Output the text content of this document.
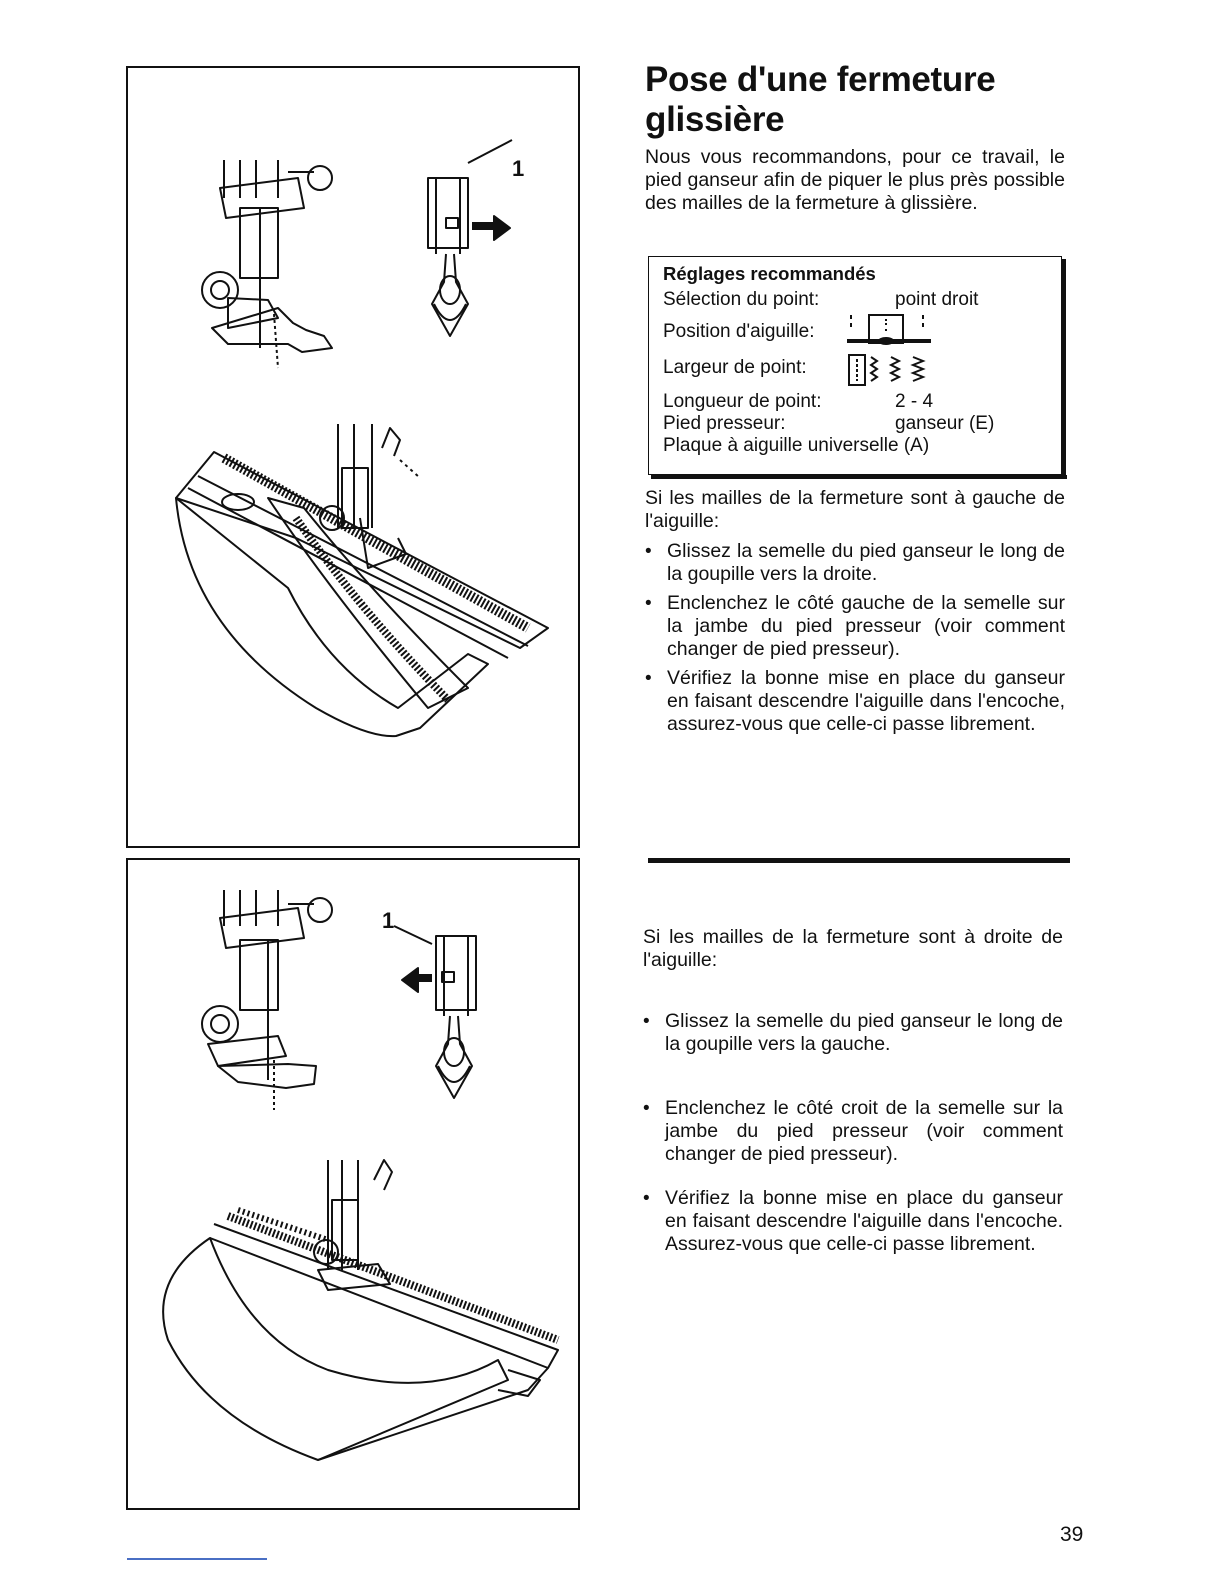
1
1
Pose d'une fermeture glissière
Nous vous recommandons, pour ce travail, le pied ganseur afin de piquer le plus près possible des mailles de la fermeture à glissière.
Réglages recommandés
Sélection du point:	point droit
Position d'aiguille:
Largeur de point:
Longueur de point:	2 - 4
Pied presseur:	ganseur (E)
Plaque à aiguille universelle (A)
Si les mailles de la fermeture sont à gauche de l'aiguille:
• Glissez la semelle du pied ganseur le long de la goupille vers la droite.
• Enclenchez le côté gauche de la semelle sur la jambe du pied presseur (voir comment changer de pied presseur).
• Vérifiez la bonne mise en place du ganseur en faisant descendre l'aiguille dans l'encoche, assurez-vous que celle-ci passe librement.
Si les mailles de la fermeture sont à droite de l'aiguille:
• Glissez la semelle du pied ganseur le long de la goupille vers la gauche.
• Enclenchez le côté croit de la semelle sur la jambe du pied presseur (voir comment changer de pied presseur).
• Vérifiez la bonne mise en place du ganseur en faisant descendre l'aiguille dans l'encoche. Assurez-vous que celle-ci passe librement.
39
